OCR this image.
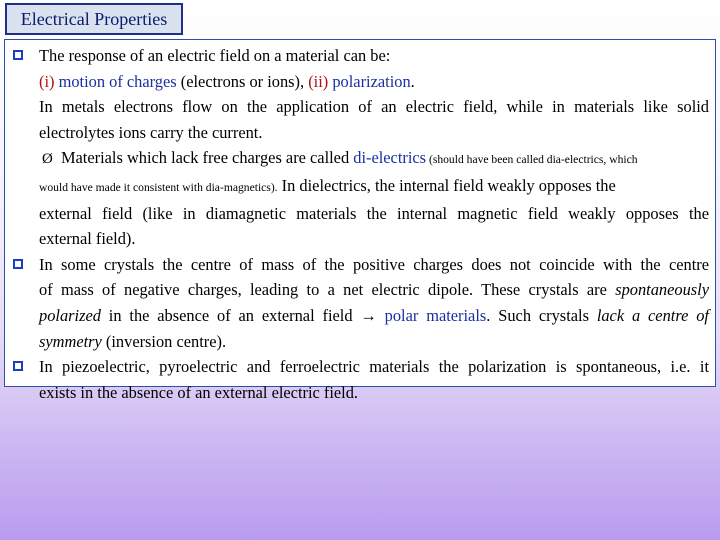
Electrical Properties
The response of an electric field on a material can be:
(i) motion of charges (electrons or ions), (ii) polarization.
In metals electrons flow on the application of an electric field, while in materials like solid
electrolytes ions carry the current.
Ø Materials which lack free charges are called di-electrics (should have been called dia-electrics, which
would have made it consistent with dia-magnetics). In dielectrics, the internal field weakly opposes the
external field (like in diamagnetic materials the internal magnetic field weakly opposes the
external field).
In some crystals the centre of mass of the positive charges does not coincide with the centre
of mass of negative charges, leading to a net electric dipole. These crystals are spontaneously
polarized in the absence of an external field → polar materials. Such crystals lack a centre of
symmetry (inversion centre).
In piezoelectric, pyroelectric and ferroelectric materials the polarization is spontaneous, i.e. it
exists in the absence of an external electric field.
